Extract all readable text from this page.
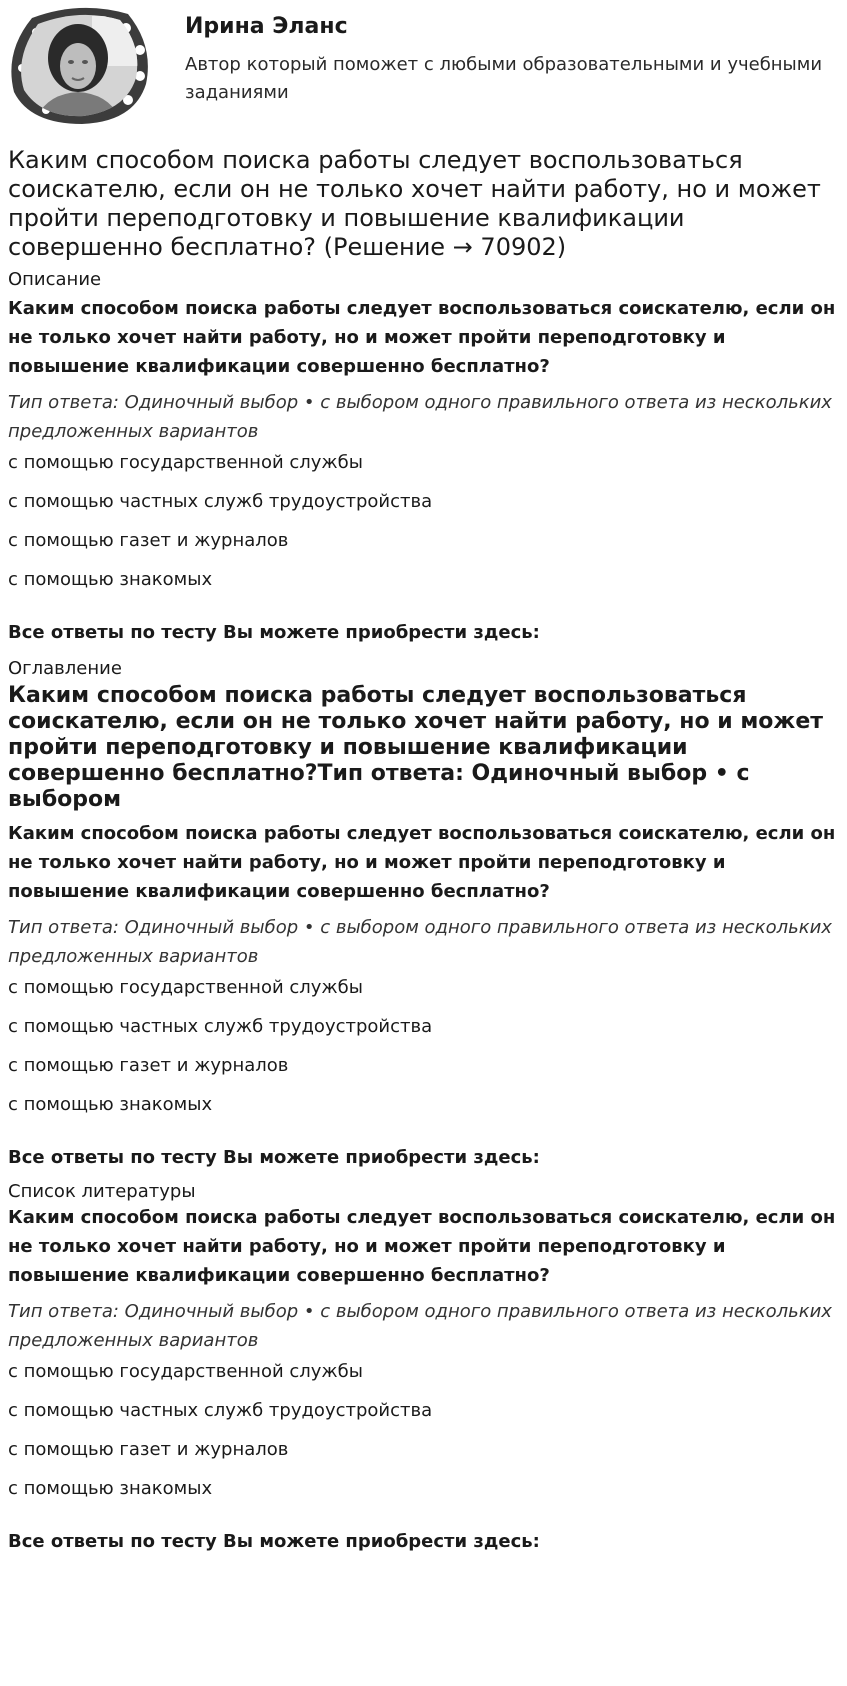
Ирина Эланс
Автор который поможет с любыми образовательными и учебными заданиями
Каким способом поиска работы следует воспользоваться соискателю, если он не только хочет найти работу, но и может пройти переподготовку и повышение квалификации совершенно бесплатно? (Решение → 70902)
Описание
Каким способом поиска работы следует воспользоваться соискателю, если он не только хочет найти работу, но и может пройти переподготовку и повышение квалификации совершенно бесплатно?
Тип ответа: Одиночный выбор • с выбором одного правильного ответа из нескольких предложенных вариантов
с помощью государственной службы
с помощью частных служб трудоустройства
с помощью газет и журналов
с помощью знакомых
Все ответы по тесту Вы можете приобрести здесь:
Оглавление
Каким способом поиска работы следует воспользоваться соискателю, если он не только хочет найти работу, но и может пройти переподготовку и повышение квалификации совершенно бесплатно?Тип ответа: Одиночный выбор • с выбором
Каким способом поиска работы следует воспользоваться соискателю, если он не только хочет найти работу, но и может пройти переподготовку и повышение квалификации совершенно бесплатно?
Тип ответа: Одиночный выбор • с выбором одного правильного ответа из нескольких предложенных вариантов
с помощью государственной службы
с помощью частных служб трудоустройства
с помощью газет и журналов
с помощью знакомых
Все ответы по тесту Вы можете приобрести здесь:
Список литературы
Каким способом поиска работы следует воспользоваться соискателю, если он не только хочет найти работу, но и может пройти переподготовку и повышение квалификации совершенно бесплатно?
Тип ответа: Одиночный выбор • с выбором одного правильного ответа из нескольких предложенных вариантов
с помощью государственной службы
с помощью частных служб трудоустройства
с помощью газет и журналов
с помощью знакомых
Все ответы по тесту Вы можете приобрести здесь:
